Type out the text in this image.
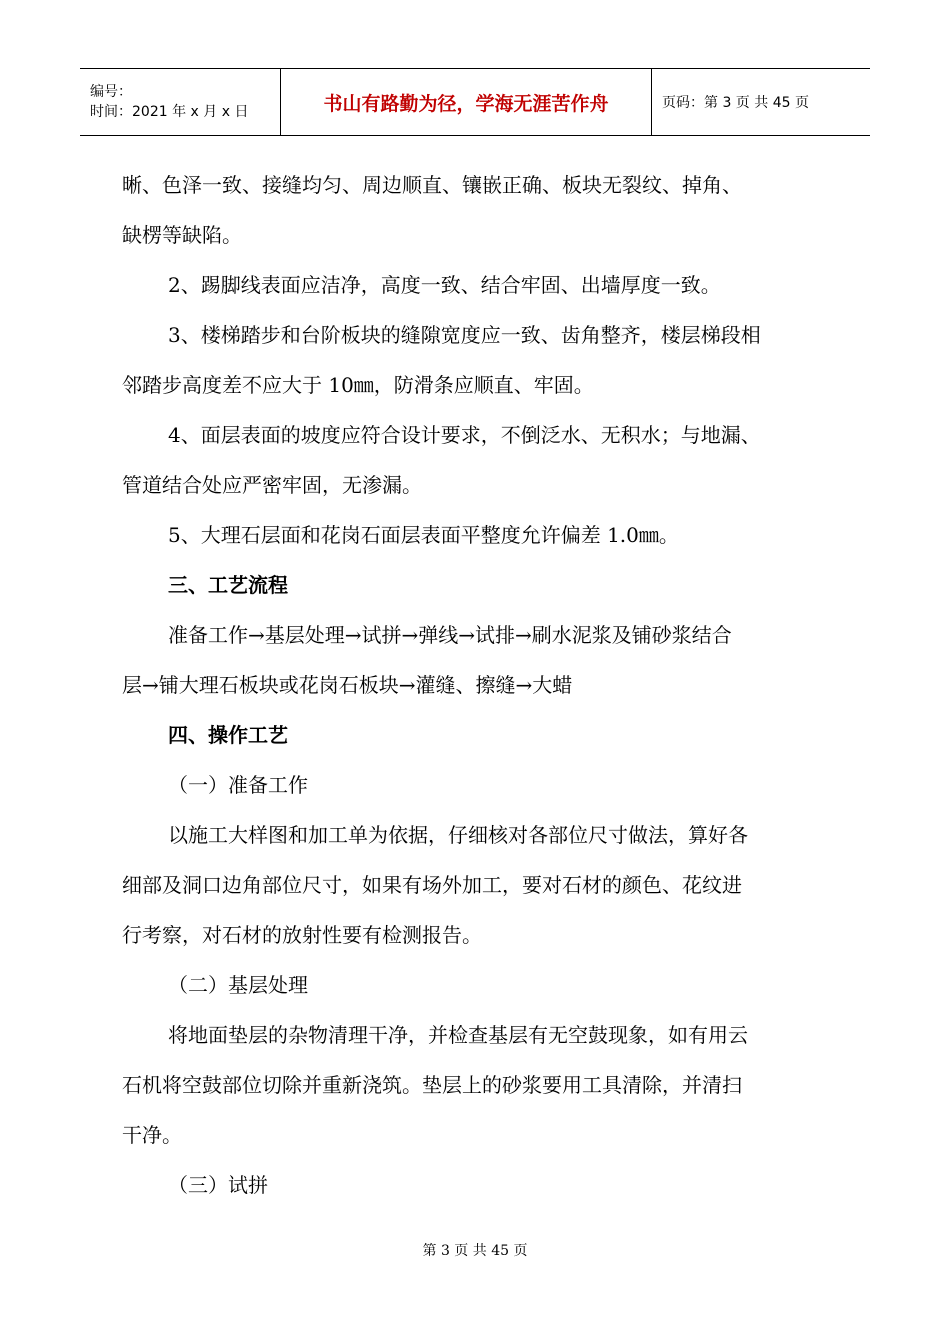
编号：
时间：2021 年 x 月 x 日	书山有路勤为径，学海无涯苦作舟	页码：第 3 页 共 45 页

晰、色泽一致、接缝均匀、周边顺直、镶嵌正确、板块无裂纹、掉角、

缺楞等缺陷。

2、踢脚线表面应洁净，高度一致、结合牢固、出墙厚度一致。

3、楼梯踏步和台阶板块的缝隙宽度应一致、齿角整齐，楼层梯段相

邻踏步高度差不应大于 10㎜，防滑条应顺直、牢固。

4、面层表面的坡度应符合设计要求，不倒泛水、无积水；与地漏、

管道结合处应严密牢固，无渗漏。

5、大理石层面和花岗石面层表面平整度允许偏差 1.0㎜。

三、工艺流程

准备工作→基层处理→试拼→弹线→试排→刷水泥浆及铺砂浆结合

层→铺大理石板块或花岗石板块→灌缝、擦缝→大蜡

四、操作工艺

（一）准备工作

以施工大样图和加工单为依据，仔细核对各部位尺寸做法，算好各

细部及洞口边角部位尺寸，如果有场外加工，要对石材的颜色、花纹进

行考察，对石材的放射性要有检测报告。

（二）基层处理

将地面垫层的杂物清理干净，并检查基层有无空鼓现象，如有用云

石机将空鼓部位切除并重新浇筑。垫层上的砂浆要用工具清除，并清扫

干净。

（三）试拼

第 3 页 共 45 页
